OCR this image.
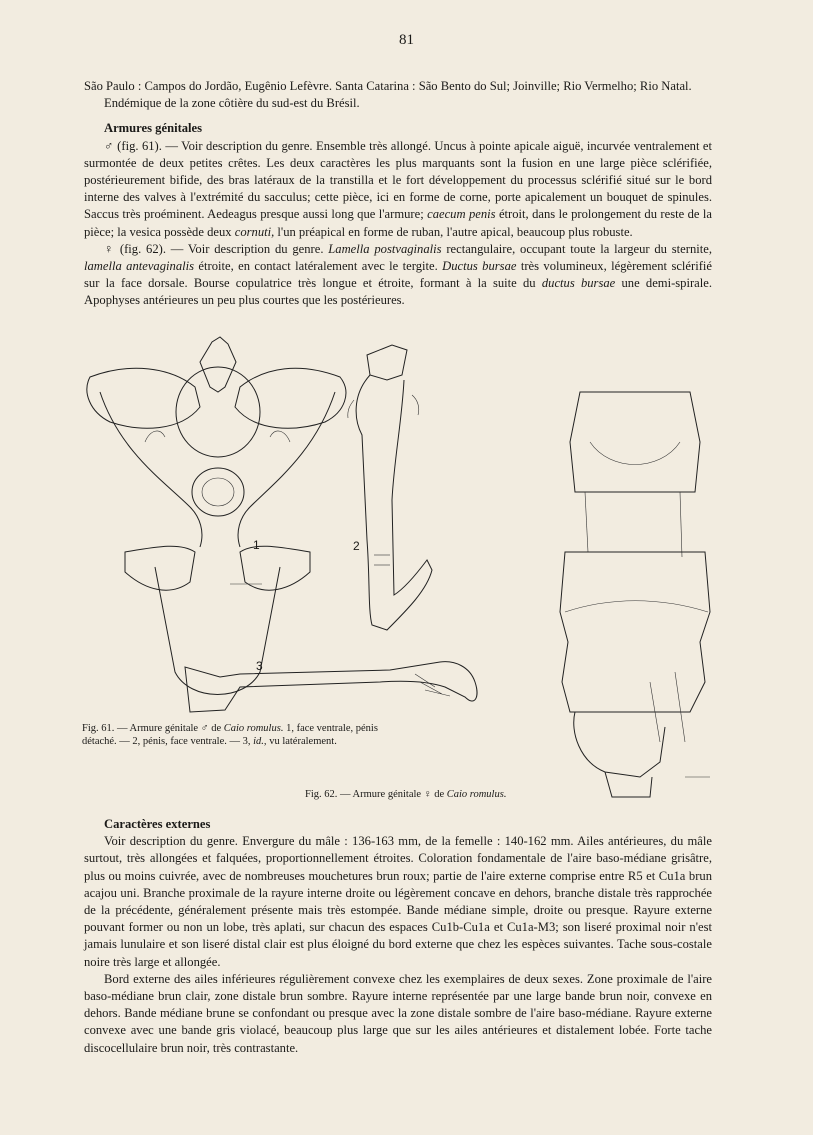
81

São Paulo : Campos do Jordão, Eugênio Lefèvre. Santa Catarina : São Bento do Sul; Joinville; Rio Vermelho; Rio Natal.

Endémique de la zone côtière du sud-est du Brésil.

Armures génitales

♂ (fig. 61). — Voir description du genre. Ensemble très allongé. Uncus à pointe apicale aiguë, incurvée ventralement et surmontée de deux petites crêtes. Les deux caractères les plus marquants sont la fusion en une large pièce sclérifiée, postérieurement bifide, des bras latéraux de la transtilla et le fort développement du processus sclérifié situé sur le bord interne des valves à l'extrémité du sacculus; cette pièce, ici en forme de corne, porte apicalement un bouquet de spinules. Saccus très proéminent. Aedeagus presque aussi long que l'armure; caecum penis étroit, dans le prolongement du reste de la pièce; la vesica possède deux cornuti, l'un préapical en forme de ruban, l'autre apical, beaucoup plus robuste.

♀ (fig. 62). — Voir description du genre. Lamella postvaginalis rectangulaire, occupant toute la largeur du sternite, lamella antevaginalis étroite, en contact latéralement avec le tergite. Ductus bursae très volumineux, légèrement sclérifié sur la face dorsale. Bourse copulatrice très longue et étroite, formant à la suite du ductus bursae une demi-spirale. Apophyses antérieures un peu plus courtes que les postérieures.

1	2
3
Fig. 61. — Armure génitale ♂ de Caio romulus. 1, face ventrale, pénis détaché. — 2, pénis, face ventrale. — 3, id., vu latéralement.
Fig. 62. — Armure génitale ♀ de Caio romulus.

Caractères externes

Voir description du genre. Envergure du mâle : 136-163 mm, de la femelle : 140-162 mm. Ailes antérieures, du mâle surtout, très allongées et falquées, proportionnellement étroites. Coloration fondamentale de l'aire baso-médiane grisâtre, plus ou moins cuivrée, avec de nombreuses mouchetures brun roux; partie de l'aire externe comprise entre R5 et Cu1a brun acajou uni. Branche proximale de la rayure interne droite ou légèrement concave en dehors, branche distale très rapprochée de la précédente, généralement présente mais très estompée. Bande médiane simple, droite ou presque. Rayure externe pouvant former ou non un lobe, très aplati, sur chacun des espaces Cu1b-Cu1a et Cu1a-M3; son liseré proximal noir n'est jamais lunulaire et son liseré distal clair est plus éloigné du bord externe que chez les espèces suivantes. Tache sous-costale noire très large et allongée.

Bord externe des ailes inférieures régulièrement convexe chez les exemplaires de deux sexes. Zone proximale de l'aire baso-médiane brun clair, zone distale brun sombre. Rayure interne représentée par une large bande brun noir, convexe en dehors. Bande médiane brune se confondant ou presque avec la zone distale sombre de l'aire baso-médiane. Rayure externe convexe avec une bande gris violacé, beaucoup plus large que sur les ailes antérieures et distalement lobée. Forte tache discocellulaire brun noir, très contrastante.
